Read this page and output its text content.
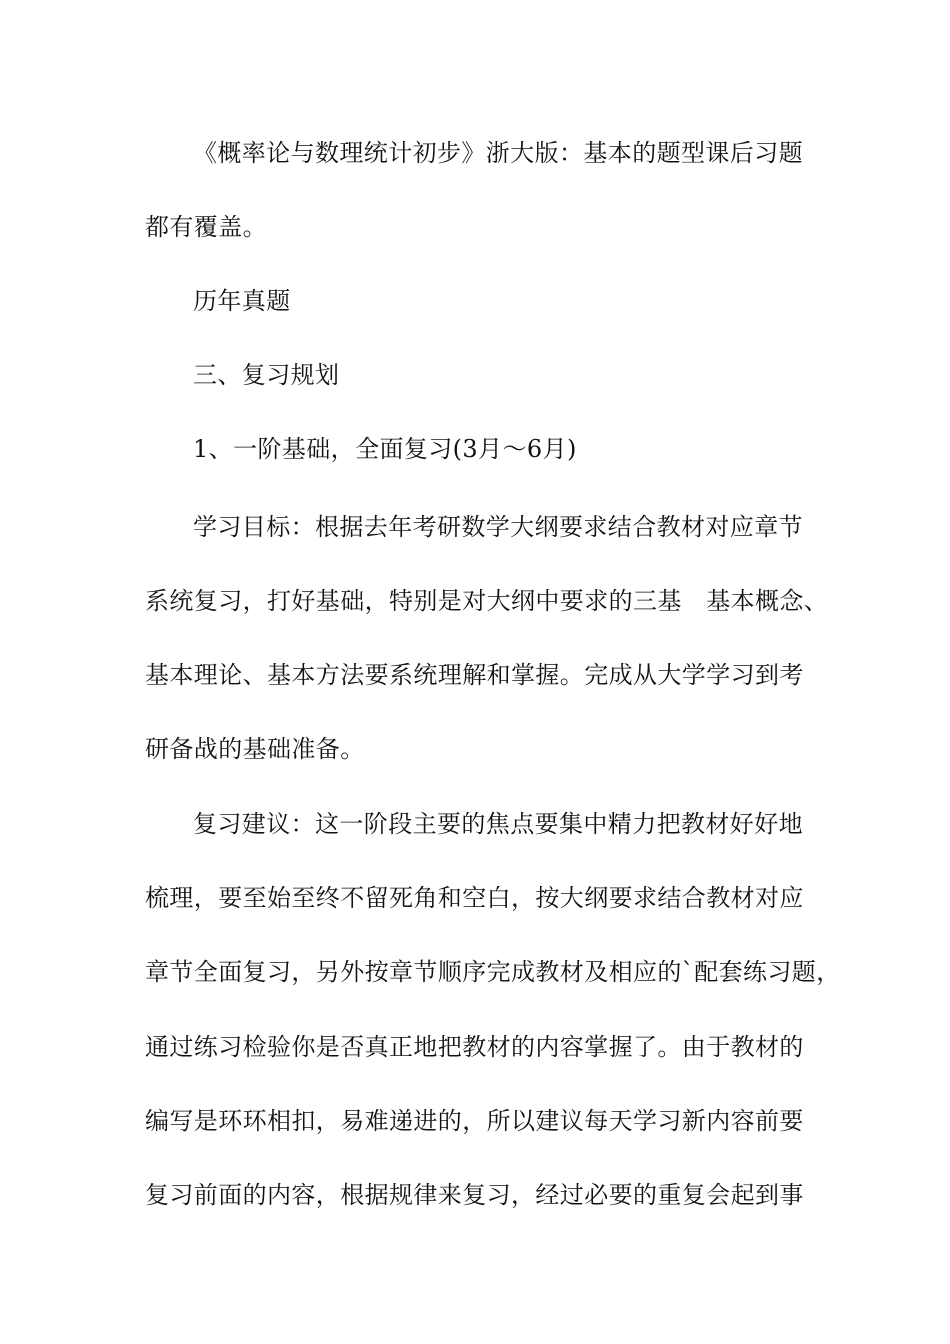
《概率论与数理统计初步》浙大版：基本的题型课后习题

都有覆盖。

历年真题

三、复习规划

1、一阶基础，全面复习(3月～6月)

学习目标：根据去年考研数学大纲要求结合教材对应章节

系统复习，打好基础，特别是对大纲中要求的三基　基本概念、

基本理论、基本方法要系统理解和掌握。完成从大学学习到考

研备战的基础准备。

复习建议：这一阶段主要的焦点要集中精力把教材好好地

梳理，要至始至终不留死角和空白，按大纲要求结合教材对应

章节全面复习，另外按章节顺序完成教材及相应的`配套练习题，

通过练习检验你是否真正地把教材的内容掌握了。由于教材的

编写是环环相扣，易难递进的，所以建议每天学习新内容前要

复习前面的内容，根据规律来复习，经过必要的重复会起到事
